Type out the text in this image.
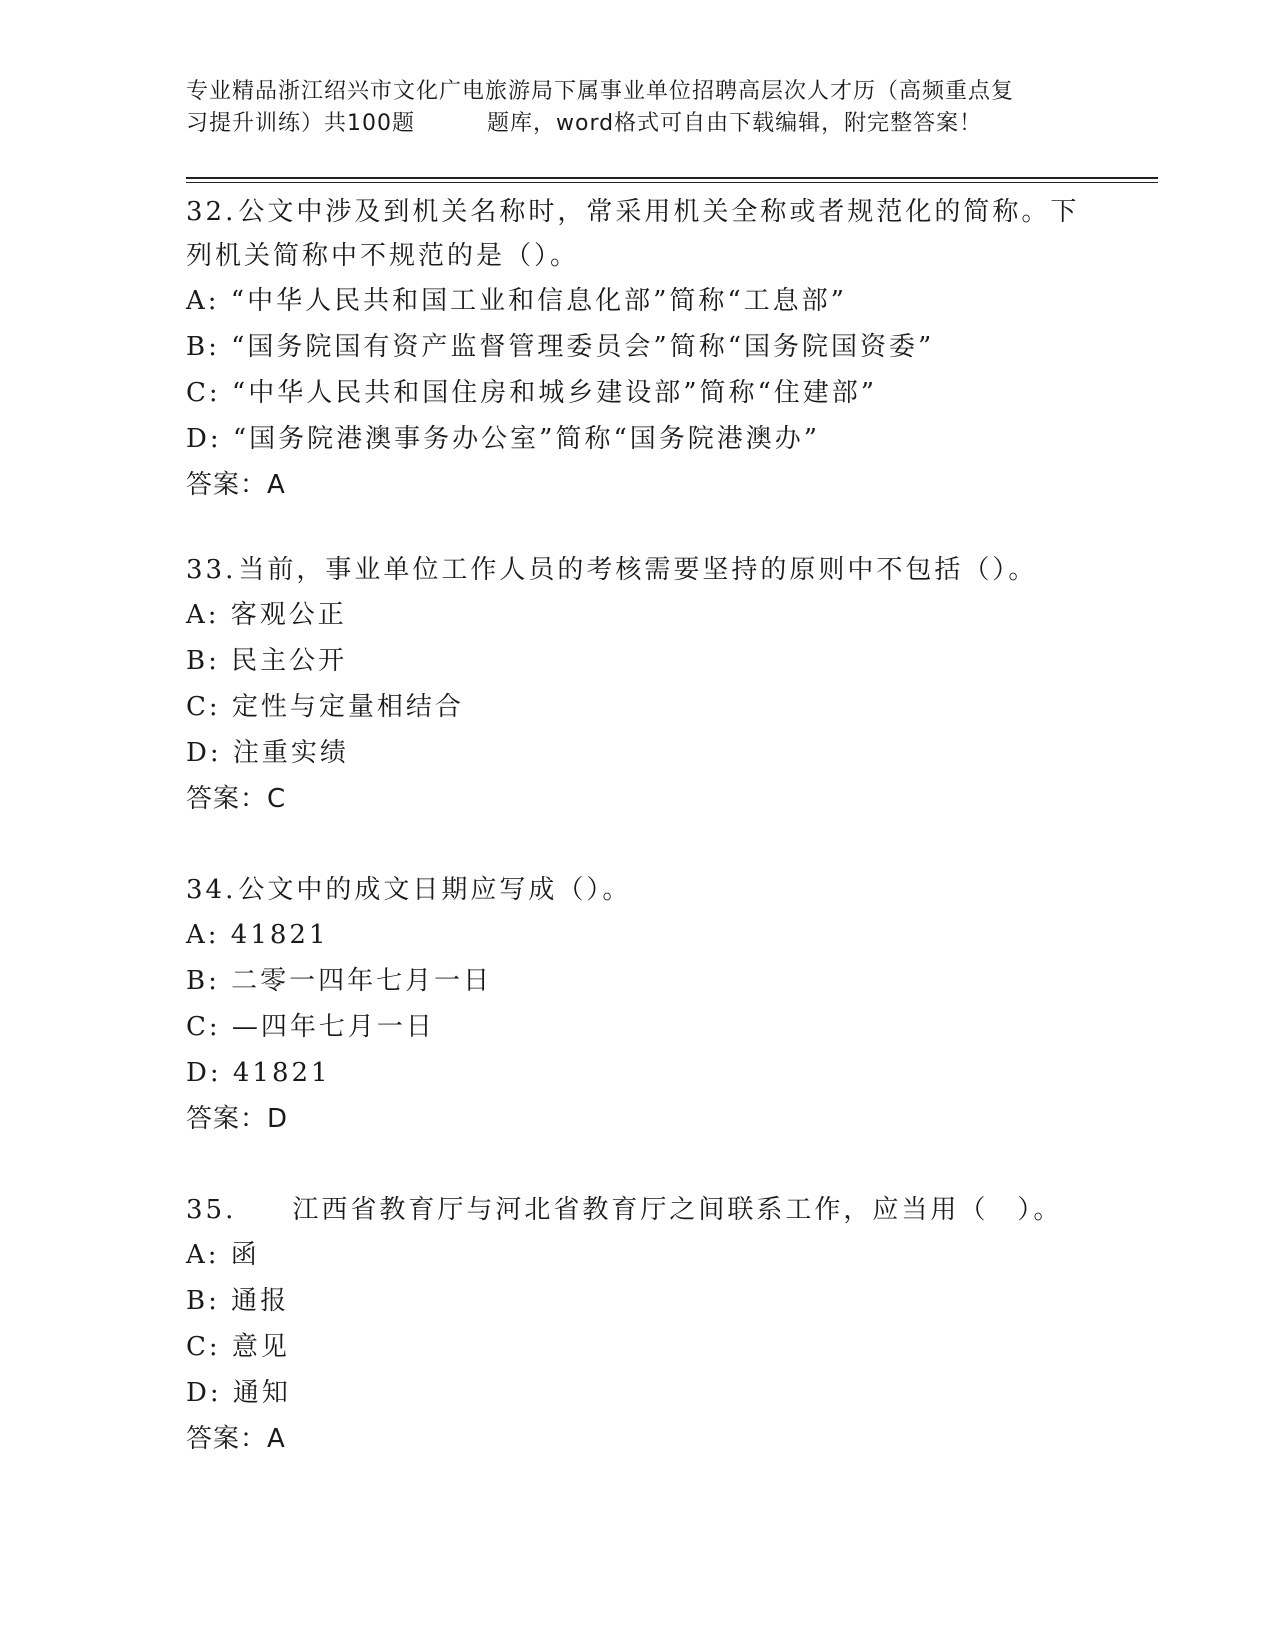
专业精品浙江绍兴市文化广电旅游局下属事业单位招聘高层次人才历（高频重点复
习提升训练）共100题	题库，word格式可自由下载编辑，附完整答案！
32.公文中涉及到机关名称时，常采用机关全称或者规范化的简称。下列机关简称中不规范的是（）。
A: “中华人民共和国工业和信息化部”简称“工息部”
B: “国务院国有资产监督管理委员会”简称“国务院国资委”
C: “中华人民共和国住房和城乡建设部”简称“住建部”
D: “国务院港澳事务办公室”简称“国务院港澳办”
答案：A
33.当前，事业单位工作人员的考核需要坚持的原则中不包括（）。
A: 客观公正
B: 民主公开
C: 定性与定量相结合
D: 注重实绩
答案：C
34.公文中的成文日期应写成（）。
A: 41821
B: 二零一四年七月一日
C: —四年七月一日
D: 41821
答案：D
35. 江西省教育厅与河北省教育厅之间联系工作，应当用（　）。
A: 函
B: 通报
C: 意见
D: 通知
答案：A
